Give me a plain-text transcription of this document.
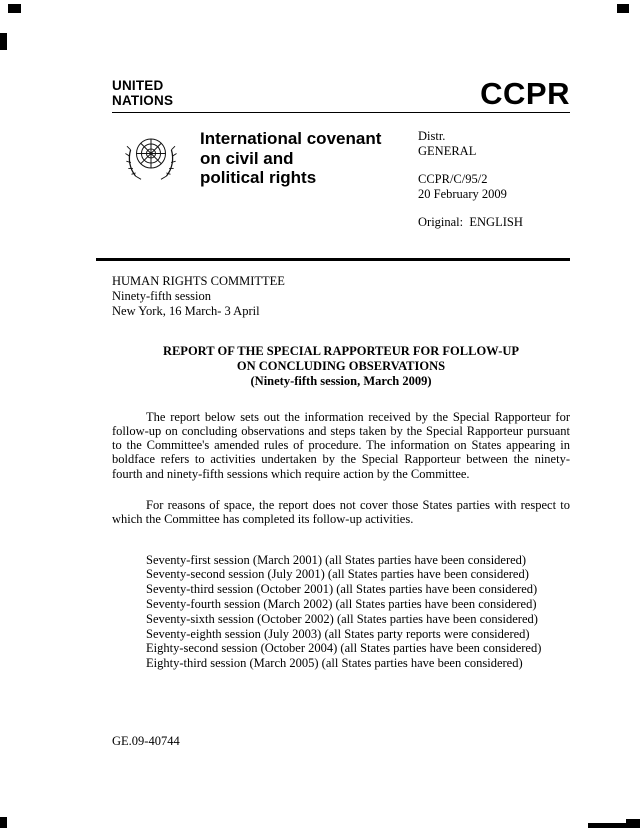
UNITED
NATIONS	CCPR
International covenant
on civil and
political rights
Distr.
GENERAL
CCPR/C/95/2
20 February 2009
Original:  ENGLISH
HUMAN RIGHTS COMMITTEE
Ninety-fifth session
New York, 16 March- 3 April
REPORT OF THE SPECIAL RAPPORTEUR FOR FOLLOW-UP
ON CONCLUDING OBSERVATIONS
(Ninety-fifth session, March 2009)

The report below sets out the information received by the Special Rapporteur for follow-up on concluding observations and steps taken by the Special Rapporteur pursuant to the Committee's amended rules of procedure. The information on States appearing in boldface refers to activities undertaken by the Special Rapporteur between the ninety-fourth and ninety-fifth sessions which require action by the Committee.

For reasons of space, the report does not cover those States parties with respect to which the Committee has completed its follow-up activities.

Seventy-first session (March 2001) (all States parties have been considered)
Seventy-second session (July 2001) (all States parties have been considered)
Seventy-third session (October 2001) (all States parties have been considered)
Seventy-fourth session (March 2002) (all States parties have been considered)
Seventy-sixth session (October 2002) (all States parties have been considered)
Seventy-eighth session (July 2003) (all States party reports were considered)
Eighty-second session (October 2004) (all States parties have been considered)
Eighty-third session (March 2005) (all States parties have been considered)
GE.09-40744
